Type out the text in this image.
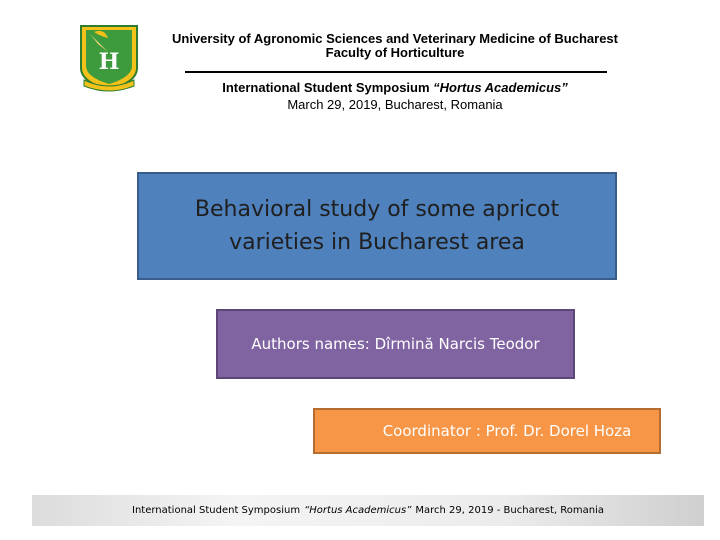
H
University of Agronomic Sciences and Veterinary Medicine of Bucharest
Faculty of Horticulture
International Student Symposium “Hortus Academicus”
March 29, 2019, Bucharest, Romania
Behavioral study of some apricot varieties in Bucharest area
Authors names: Dîrmină Narcis Teodor
Coordinator : Prof. Dr. Dorel Hoza
International Student Symposium “Hortus Academicus” March 29, 2019 - Bucharest, Romania
